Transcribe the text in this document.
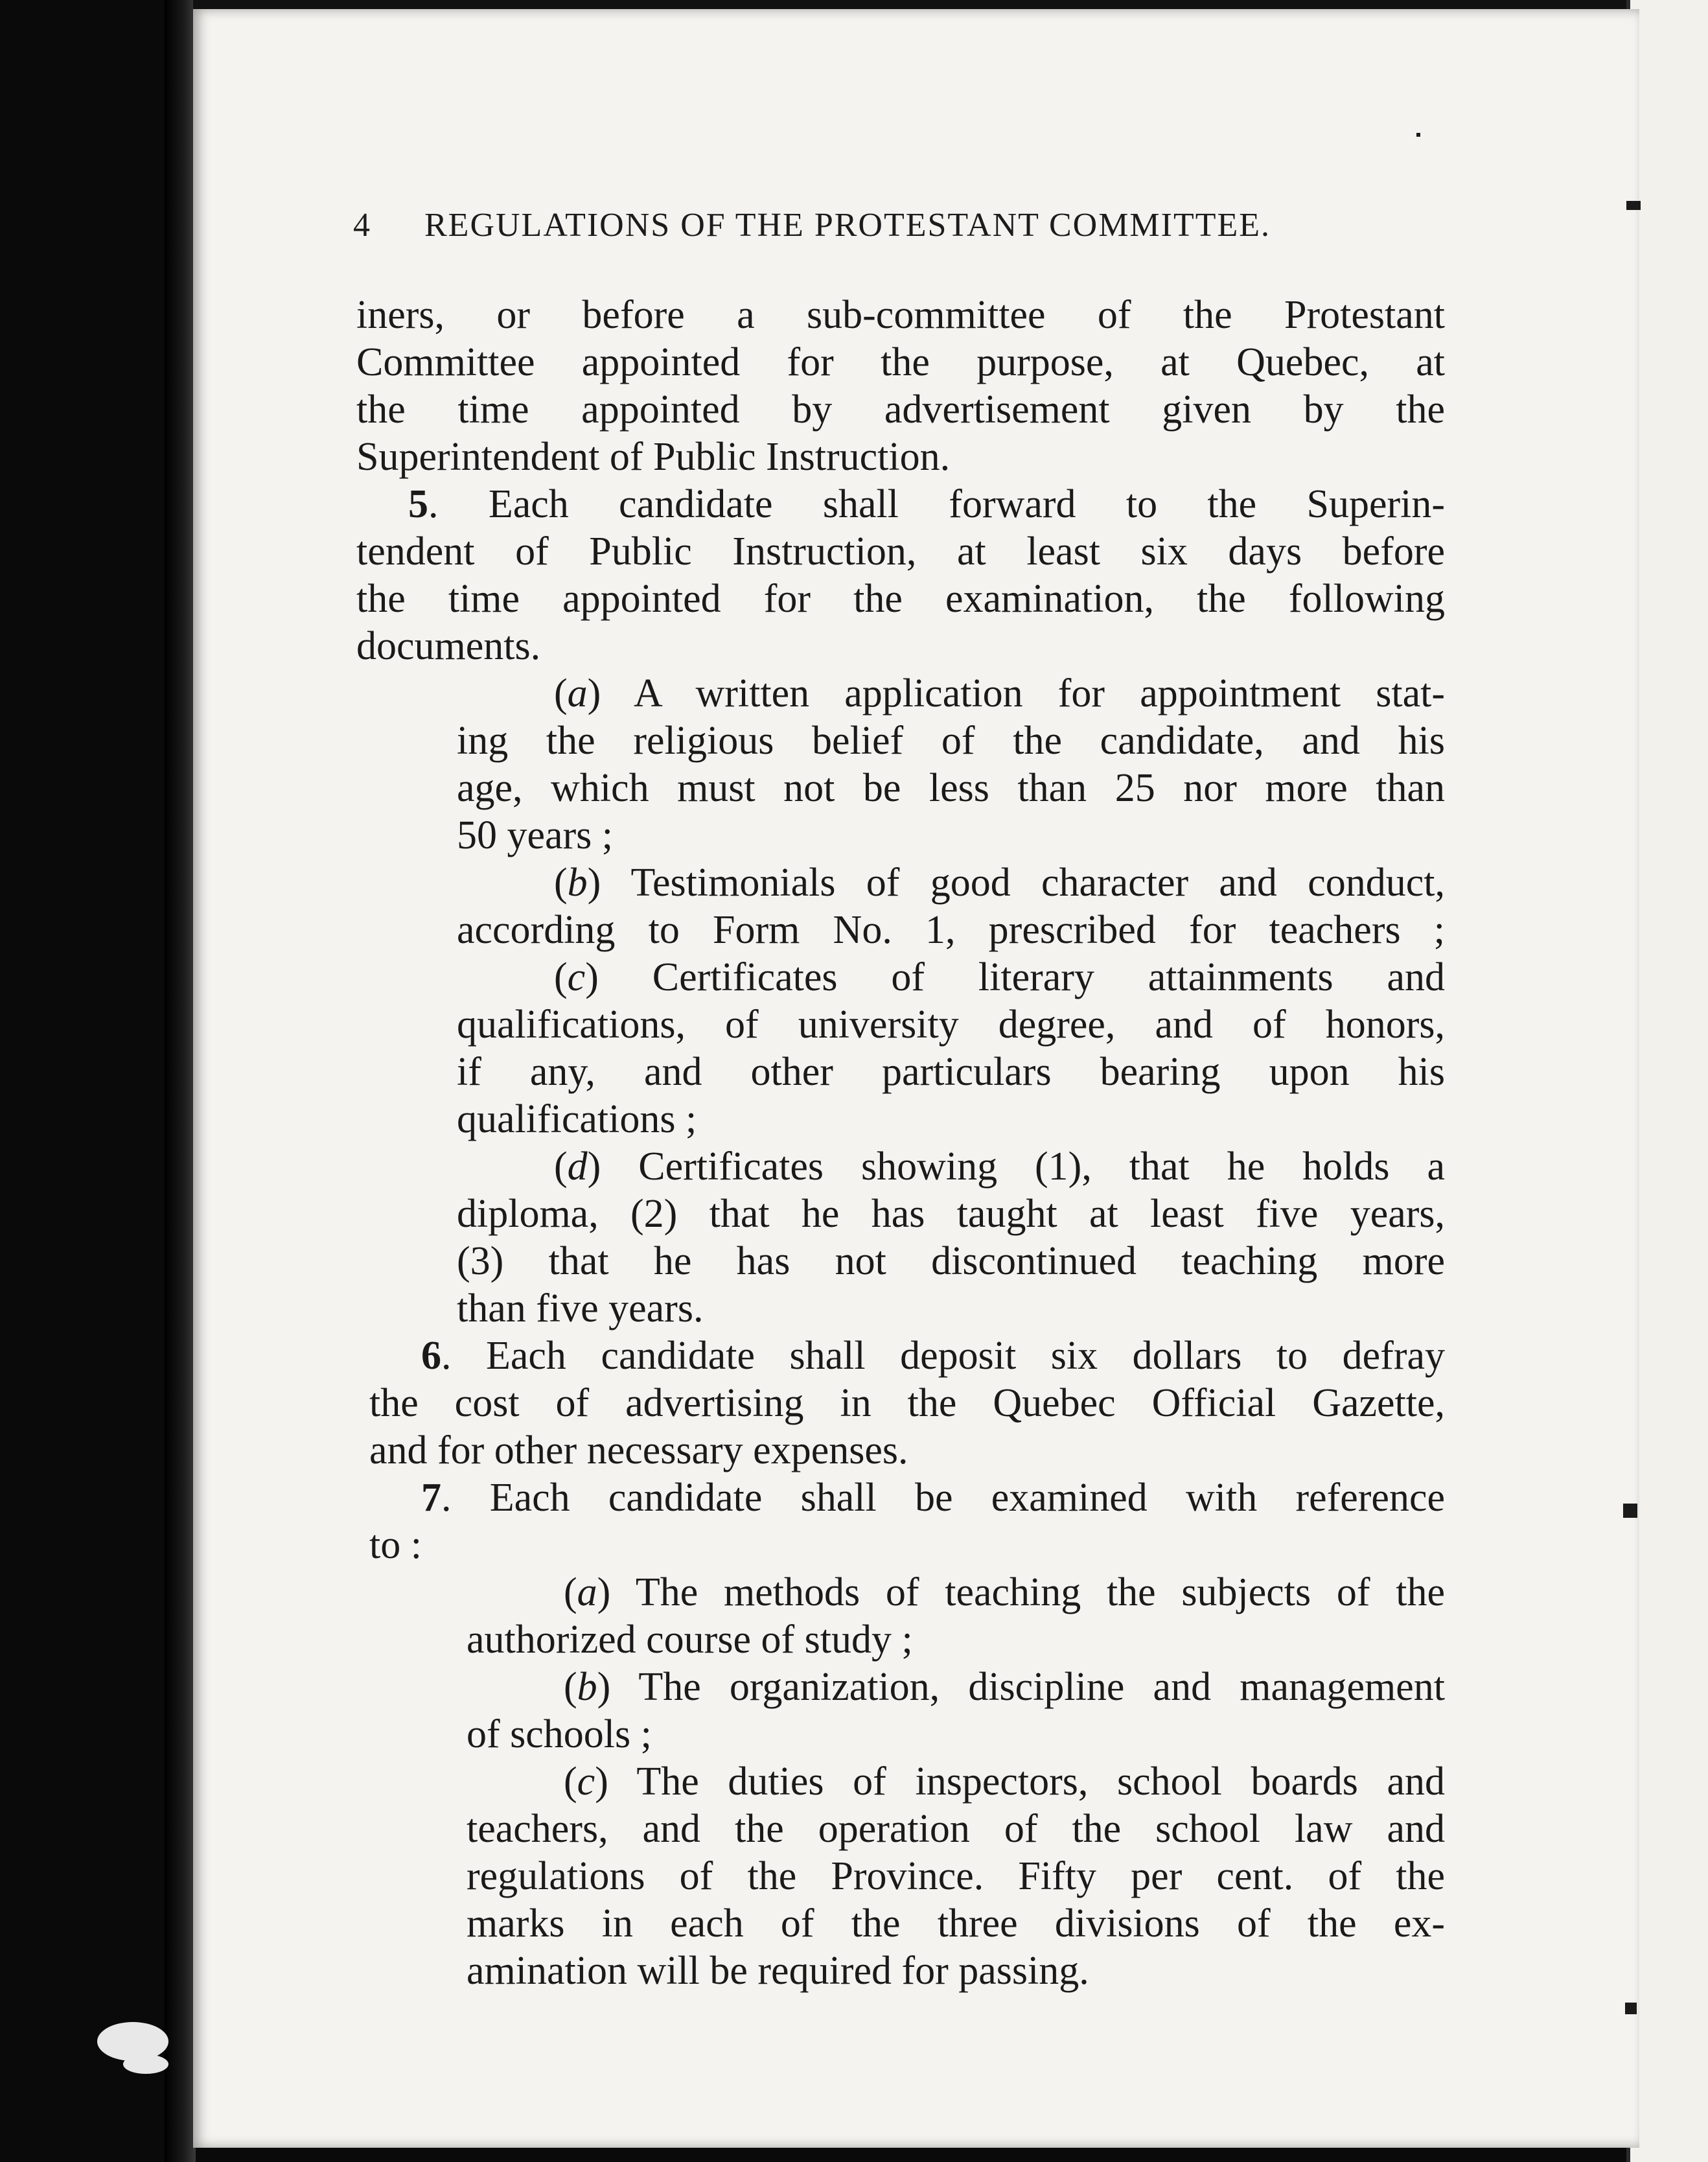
4 REGULATIONS OF THE PROTESTANT COMMITTEE.
iners, or before a sub-committee of the Protestant
Committee appointed for the purpose, at Quebec, at
the time appointed by advertisement given by the
Superintendent of Public Instruction.
5. Each candidate shall forward to the Superin-
tendent of Public Instruction, at least six days before
the time appointed for the examination, the following
documents.
(a) A written application for appointment stat-
ing the religious belief of the candidate, and his
age, which must not be less than 25 nor more than
50 years ;
(b) Testimonials of good character and conduct,
according to Form No. 1, prescribed for teachers ;
(c) Certificates of literary attainments and
qualifications, of university degree, and of honors,
if any, and other particulars bearing upon his
qualifications ;
(d) Certificates showing (1), that he holds a
diploma, (2) that he has taught at least five years,
(3) that he has not discontinued teaching more
than five years.
6. Each candidate shall deposit six dollars to defray
the cost of advertising in the Quebec Official Gazette,
and for other necessary expenses.
7. Each candidate shall be examined with reference
to :
(a) The methods of teaching the subjects of the
authorized course of study ;
(b) The organization, discipline and management
of schools ;
(c) The duties of inspectors, school boards and
teachers, and the operation of the school law and
regulations of the Province. Fifty per cent. of the
marks in each of the three divisions of the ex-
amination will be required for passing.
